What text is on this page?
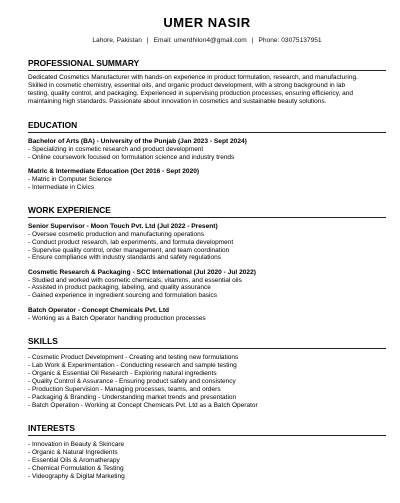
UMER NASIR
Lahore, Pakistan | Email: umerdhilon4@gmail.com | Phone: 03075137951
PROFESSIONAL SUMMARY
Dedicated Cosmetics Manufacturer with hands-on experience in product formulation, research, and manufacturing.
Skilled in cosmetic chemistry, essential oils, and organic product development, with a strong background in lab
testing, quality control, and packaging. Experienced in supervising production processes, ensuring efficiency, and
maintaining high standards. Passionate about innovation in cosmetics and sustainable beauty solutions.
EDUCATION
Bachelor of Arts (BA) - University of the Punjab (Jan 2023 - Sept 2024)
- Specializing in cosmetic research and product development
- Online coursework focused on formulation science and industry trends
Matric & Intermediate Education (Oct 2016 - Sept 2020)
- Matric in Computer Science
- Intermediate in Civics
WORK EXPERIENCE
Senior Supervisor - Moon Touch Pvt. Ltd (Jul 2022 - Present)
- Oversee cosmetic production and manufacturing operations
- Conduct product research, lab experiments, and formula development
- Supervise quality control, order management, and team coordination
- Ensure compliance with industry standards and safety regulations
Cosmetic Research & Packaging - SCC International (Jul 2020 - Jul 2022)
- Studied and worked with cosmetic chemicals, vitamins, and essential oils
- Assisted in product packaging, labeling, and quality assurance
- Gained experience in ingredient sourcing and formulation basics
Batch Operator - Concept Chemicals Pvt. Ltd
- Working as a Batch Operator handling production processes
SKILLS
- Cosmetic Product Development - Creating and testing new formulations
- Lab Work & Experimentation - Conducting research and sample testing
- Organic & Essential Oil Research - Exploring natural ingredients
- Quality Control & Assurance - Ensuring product safety and consistency
- Production Supervision - Managing processes, teams, and orders
- Packaging & Branding - Understanding market trends and presentation
- Batch Operation - Working at Concept Chemicals Pvt. Ltd as a Batch Operator
INTERESTS
- Innovation in Beauty & Skincare
- Organic & Natural Ingredients
- Essential Oils & Aromatherapy
- Chemical Formulation & Testing
- Videography & Digital Marketing
